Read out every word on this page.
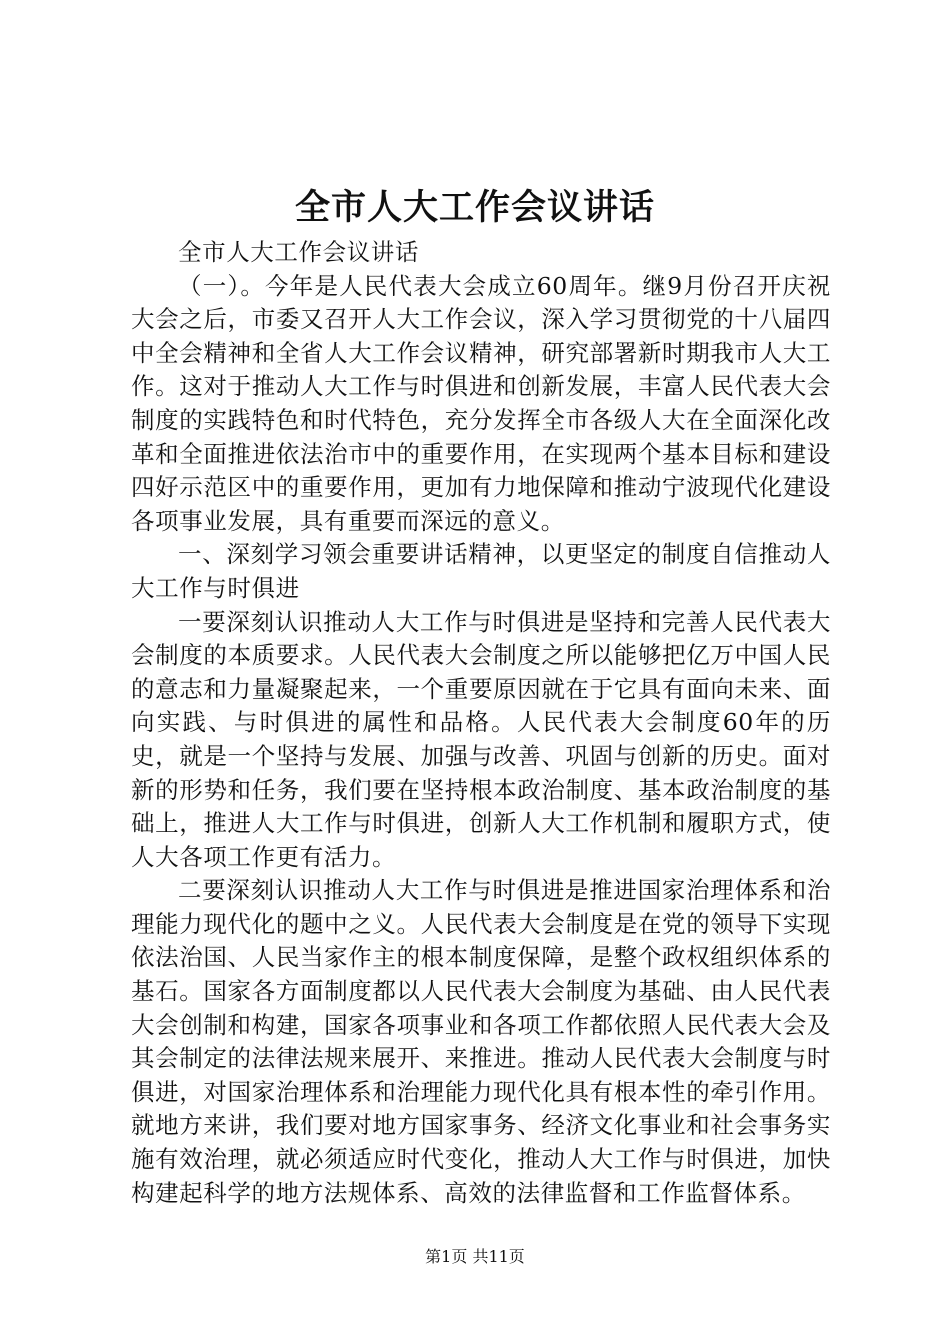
全市人大工作会议讲话

全市人大工作会议讲话

（一）。今年是人民代表大会成立60周年。继9月份召开庆祝大会之后，市委又召开人大工作会议，深入学习贯彻党的十八届四中全会精神和全省人大工作会议精神，研究部署新时期我市人大工作。这对于推动人大工作与时俱进和创新发展，丰富人民代表大会制度的实践特色和时代特色，充分发挥全市各级人大在全面深化改革和全面推进依法治市中的重要作用，在实现两个基本目标和建设四好示范区中的重要作用，更加有力地保障和推动宁波现代化建设各项事业发展，具有重要而深远的意义。

一、深刻学习领会重要讲话精神，以更坚定的制度自信推动人大工作与时俱进

一要深刻认识推动人大工作与时俱进是坚持和完善人民代表大会制度的本质要求。人民代表大会制度之所以能够把亿万中国人民的意志和力量凝聚起来，一个重要原因就在于它具有面向未来、面向实践、与时俱进的属性和品格。人民代表大会制度60年的历史，就是一个坚持与发展、加强与改善、巩固与创新的历史。面对新的形势和任务，我们要在坚持根本政治制度、基本政治制度的基础上，推进人大工作与时俱进，创新人大工作机制和履职方式，使人大各项工作更有活力。

二要深刻认识推动人大工作与时俱进是推进国家治理体系和治理能力现代化的题中之义。人民代表大会制度是在党的领导下实现依法治国、人民当家作主的根本制度保障，是整个政权组织体系的基石。国家各方面制度都以人民代表大会制度为基础、由人民代表大会创制和构建，国家各项事业和各项工作都依照人民代表大会及其会制定的法律法规来展开、来推进。推动人民代表大会制度与时俱进，对国家治理体系和治理能力现代化具有根本性的牵引作用。就地方来讲，我们要对地方国家事务、经济文化事业和社会事务实施有效治理，就必须适应时代变化，推动人大工作与时俱进，加快构建起科学的地方法规体系、高效的法律监督和工作监督体系。

第1页 共11页
